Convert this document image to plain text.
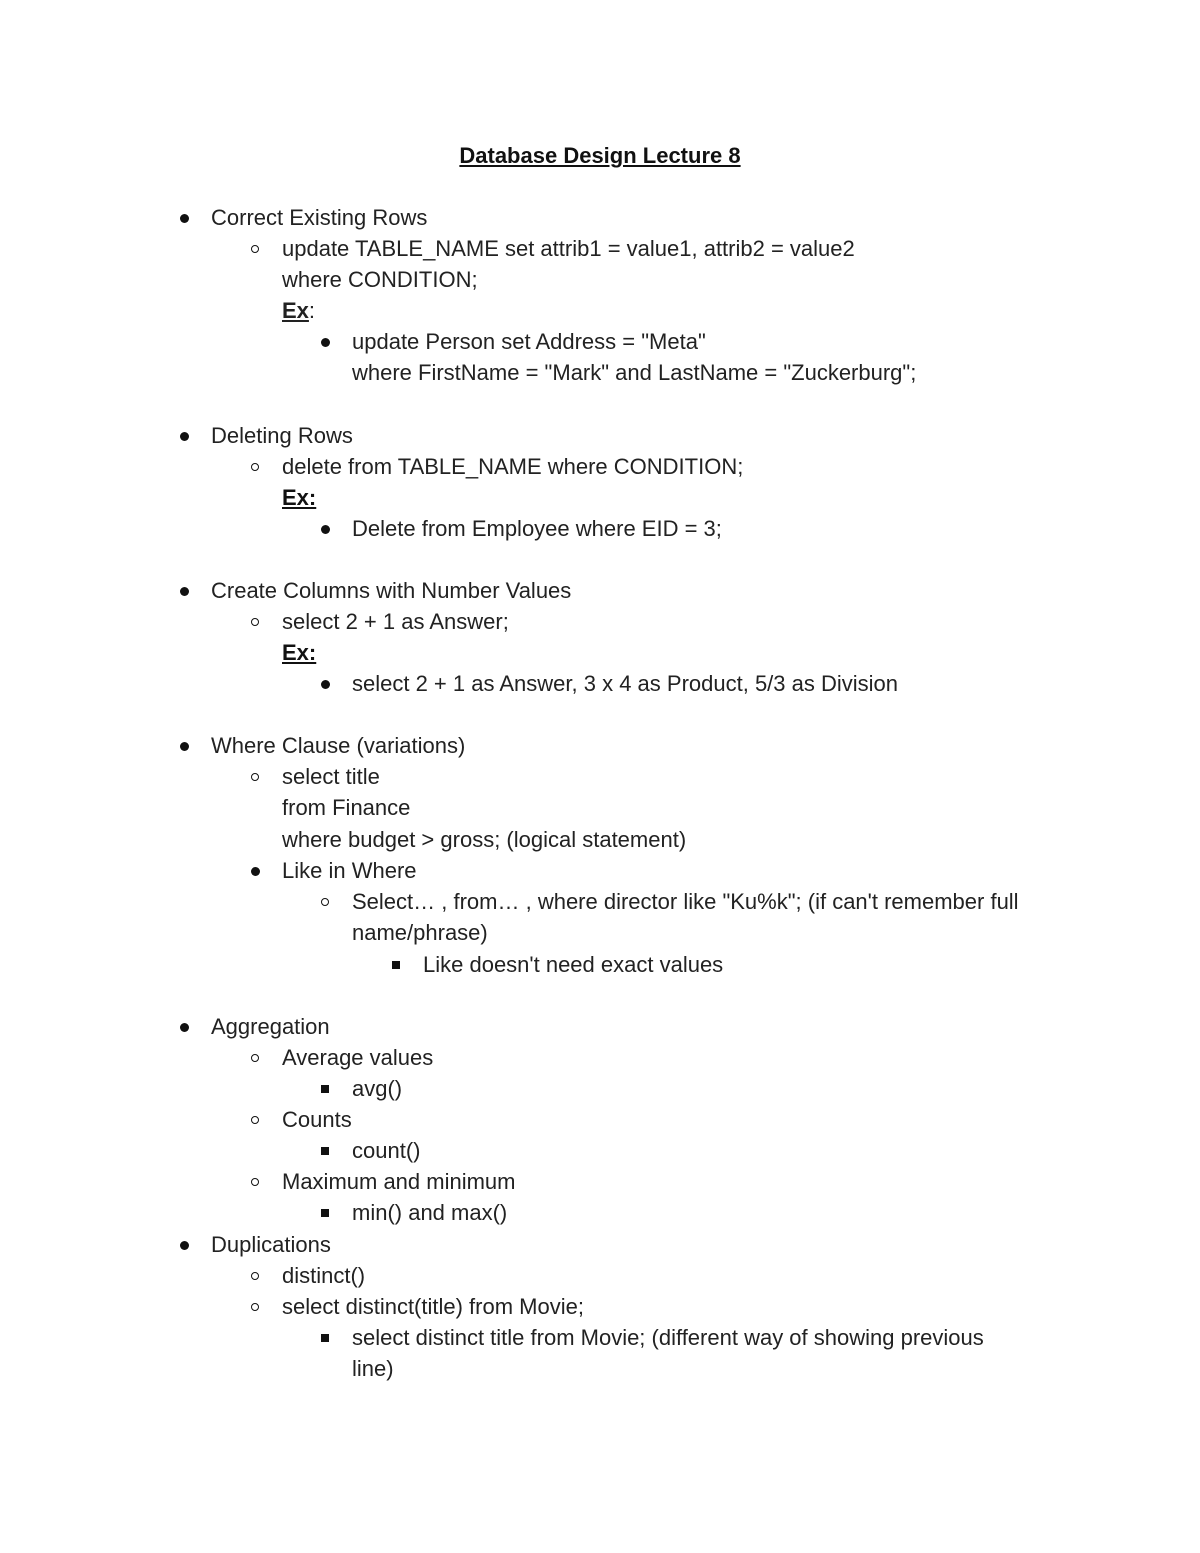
Database Design Lecture 8
Correct Existing Rows
update TABLE_NAME set attrib1 = value1, attrib2 = value2
where CONDITION;
Ex:
update Person set Address = "Meta"
where FirstName = "Mark" and LastName = "Zuckerburg";
Deleting Rows
delete from TABLE_NAME where CONDITION;
Ex:
Delete from Employee where EID = 3;
Create Columns with Number Values
select 2 + 1 as Answer;
Ex:
select 2 + 1 as Answer, 3 x 4 as Product, 5/3 as Division
Where Clause (variations)
select title
from Finance
where budget > gross; (logical statement)
Like in Where
Select… , from… , where director like "Ku%k"; (if can't remember full
name/phrase)
Like doesn't need exact values
Aggregation
Average values
avg()
Counts
count()
Maximum and minimum
min() and max()
Duplications
distinct()
select distinct(title) from Movie;
select distinct title from Movie; (different way of showing previous
line)
